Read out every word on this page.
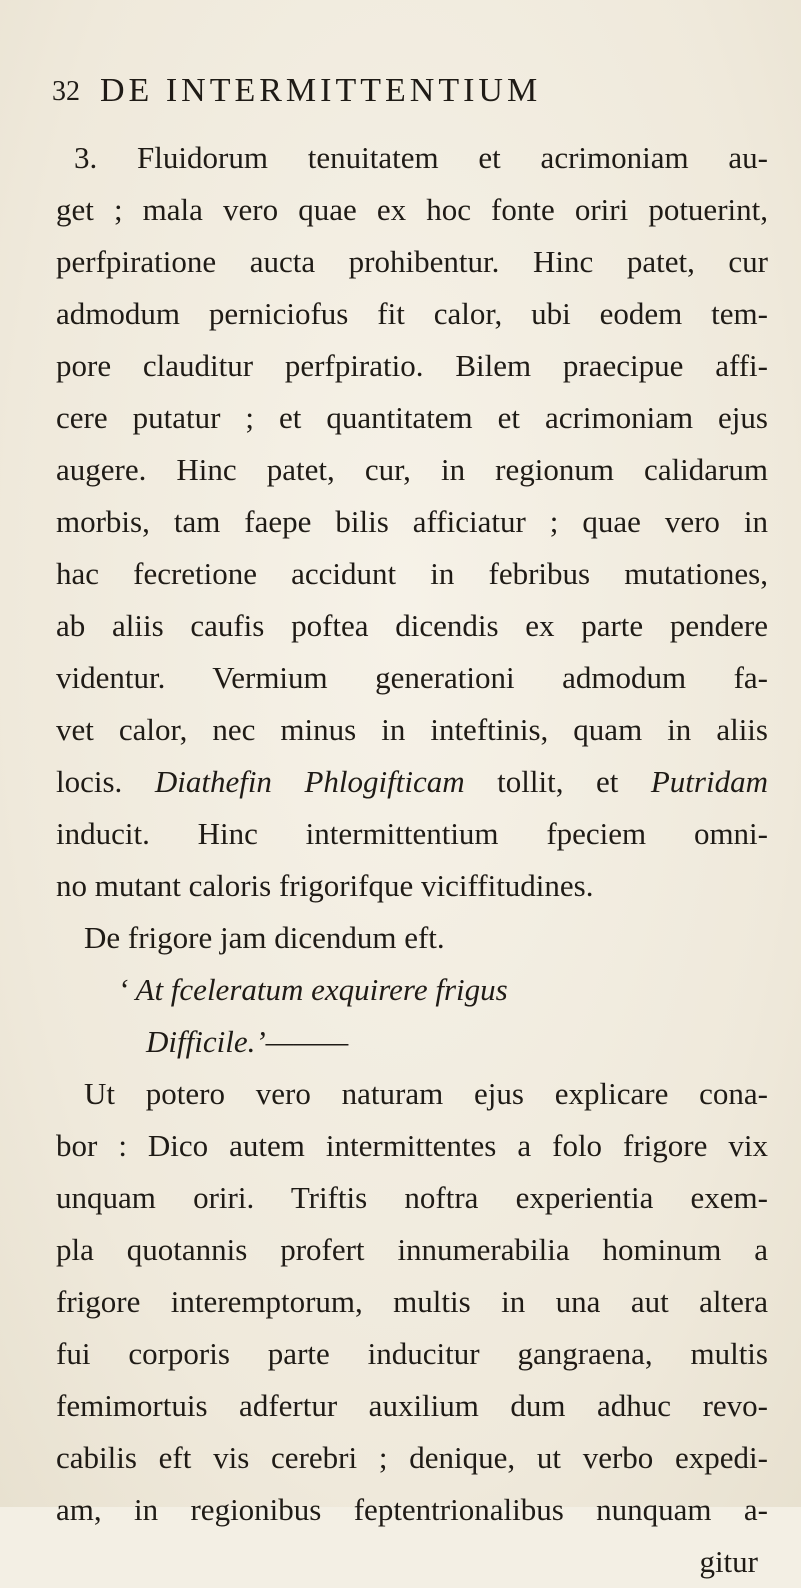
32 DE INTERMITTENTIUM
3. Fluidorum tenuitatem et acrimoniam au-
get ; mala vero quae ex hoc fonte oriri potuerint,
perfpiratione aucta prohibentur. Hinc patet, cur
admodum perniciofus fit calor, ubi eodem tem-
pore clauditur perfpiratio. Bilem praecipue affi-
cere putatur ; et quantitatem et acrimoniam ejus
augere. Hinc patet, cur, in regionum calidarum
morbis, tam faepe bilis afficiatur ; quae vero in
hac fecretione accidunt in febribus mutationes,
ab aliis caufis poftea dicendis ex parte pendere
videntur. Vermium generationi admodum fa-
vet calor, nec minus in inteftinis, quam in aliis
locis. Diathefin Phlogifticam tollit, et Putridam
inducit. Hinc intermittentium fpeciem omni-
no mutant caloris frigorifque viciffitudines.
De frigore jam dicendum eft.
‘ At fceleratum exquirere frigus
Difficile.’———
Ut potero vero naturam ejus explicare cona-
bor : Dico autem intermittentes a folo frigore vix
unquam oriri. Triftis noftra experientia exem-
pla quotannis profert innumerabilia hominum a
frigore interemptorum, multis in una aut altera
fui corporis parte inducitur gangraena, multis
femimortuis adfertur auxilium dum adhuc revo-
cabilis eft vis cerebri ; denique, ut verbo expedi-
am, in regionibus feptentrionalibus nunquam a-
gitur
